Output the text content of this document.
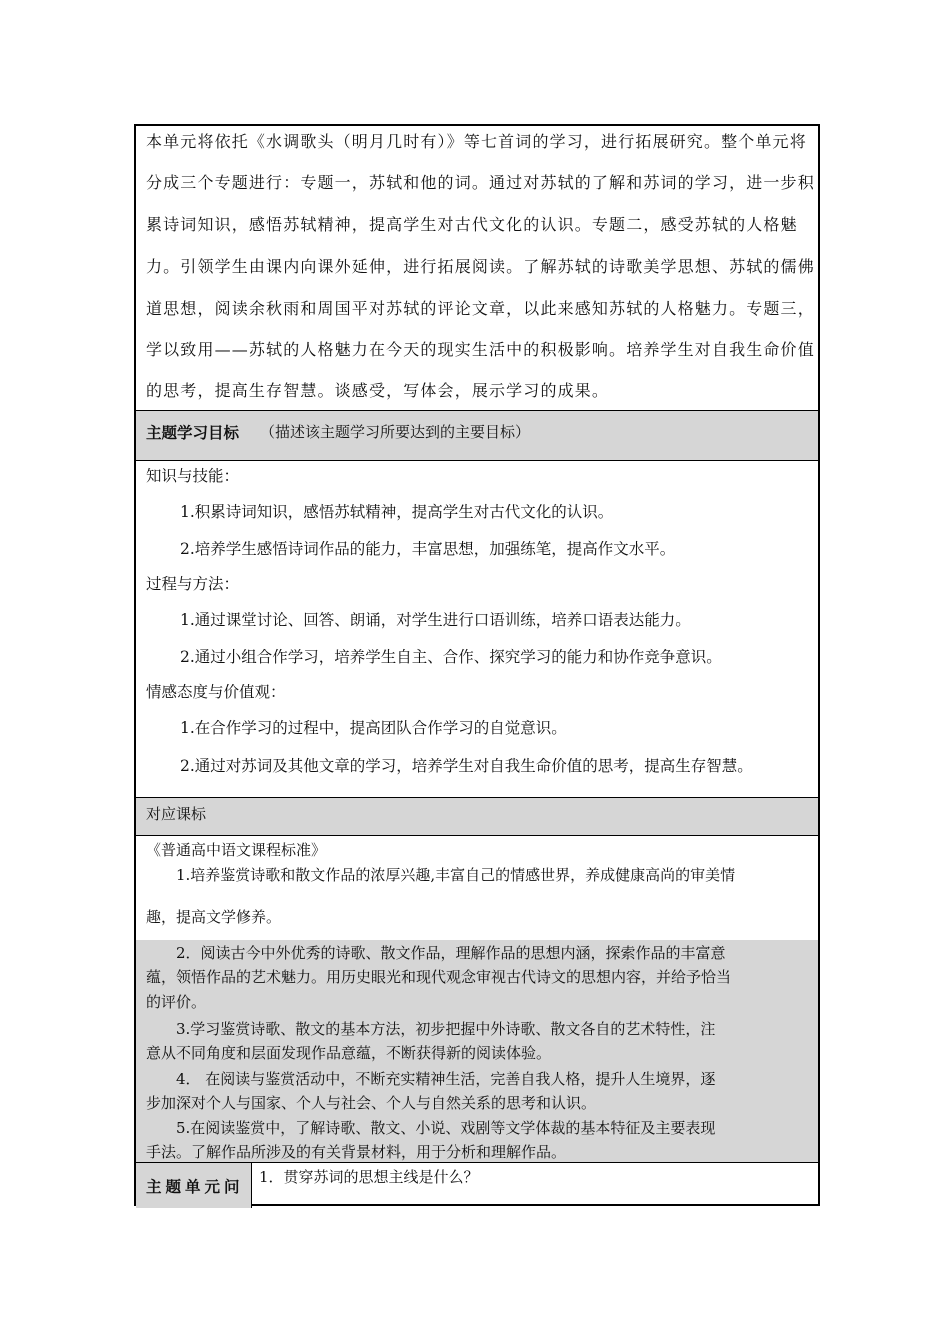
本单元将依托《水调歌头（明月几时有）》等七首词的学习，进行拓展研究。整个单元将

分成三个专题进行：专题一，苏轼和他的词。通过对苏轼的了解和苏词的学习，进一步积

累诗词知识，感悟苏轼精神，提高学生对古代文化的认识。专题二，感受苏轼的人格魅

力。引领学生由课内向课外延伸，进行拓展阅读。了解苏轼的诗歌美学思想、苏轼的儒佛

道思想，阅读余秋雨和周国平对苏轼的评论文章，以此来感知苏轼的人格魅力。专题三，

学以致用——苏轼的人格魅力在今天的现实生活中的积极影响。培养学生对自我生命价值

的思考，提高生存智慧。谈感受，写体会，展示学习的成果。

主题学习目标	（描述该主题学习所要达到的主要目标）

知识与技能：

1.积累诗词知识，感悟苏轼精神，提高学生对古代文化的认识。

2.培养学生感悟诗词作品的能力，丰富思想，加强练笔，提高作文水平。

过程与方法：

1.通过课堂讨论、回答、朗诵，对学生进行口语训练，培养口语表达能力。

2.通过小组合作学习，培养学生自主、合作、探究学习的能力和协作竞争意识。

情感态度与价值观：

1.在合作学习的过程中，提高团队合作学习的自觉意识。

2.通过对苏词及其他文章的学习，培养学生对自我生命价值的思考，提高生存智慧。

对应课标

《普通高中语文课程标准》

1.培养鉴赏诗歌和散文作品的浓厚兴趣,丰富自己的情感世界，养成健康高尚的审美情

趣，提高文学修养。

2．阅读古今中外优秀的诗歌、散文作品，理解作品的思想内涵，探索作品的丰富意

蕴，领悟作品的艺术魅力。用历史眼光和现代观念审视古代诗文的思想内容，并给予恰当

的评价。

3.学习鉴赏诗歌、散文的基本方法，初步把握中外诗歌、散文各自的艺术特性，注

意从不同角度和层面发现作品意蕴，不断获得新的阅读体验。

4． 在阅读与鉴赏活动中，不断充实精神生活，完善自我人格，提升人生境界，逐

步加深对个人与国家、个人与社会、个人与自然关系的思考和认识。

5.在阅读鉴赏中，了解诗歌、散文、小说、戏剧等文学体裁的基本特征及主要表现

手法。了解作品所涉及的有关背景材料，用于分析和理解作品。

主题单元问
1．贯穿苏词的思想主线是什么？
